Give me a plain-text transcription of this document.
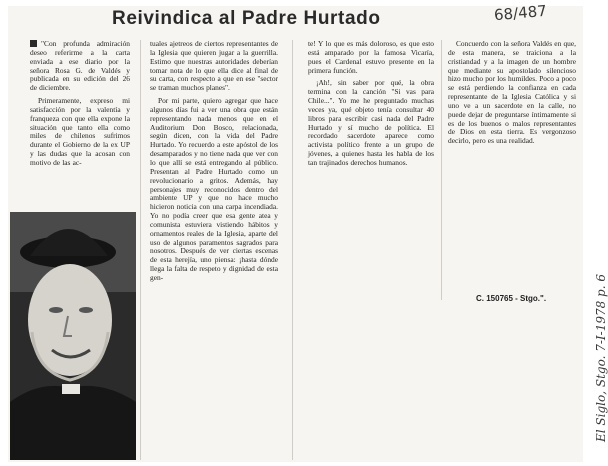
Reivindica al Padre Hurtado	68/487
El Siglo, Stgo. 7-I-1978 p. 6

"Con profunda admiración deseo referirme a la carta enviada a ese diario por la señora Rosa G. de Valdés y publicada en su edición del 26 de diciembre.

Primeramente, expreso mi satisfacción por la valentía y franqueza con que ella expone la situación que tanto ella como miles de chilenos sufrimos durante el Gobierno de la ex UP y las dudas que la acosan con motivo de las ac-

tuales ajetreos de ciertos representantes de la Iglesia que quieren jugar a la guerrilla. Estimo que nuestras autoridades deberían tomar nota de lo que ella dice al final de su carta, con respecto a que en ese "sector se traman muchos planes".

Por mi parte, quiero agregar que hace algunos días fui a ver una obra que están representando nada menos que en el Auditorium Don Bosco, relacionada, según dicen, con la vida del Padre Hurtado. Yo recuerdo a este apóstol de los desamparados y no tiene nada que ver con lo que allí se está entregando al público. Presentan al Padre Hurtado como un revolucionario a gritos. Además, hay personajes muy reconocidos dentro del ambiente UP y que no hace mucho hicieron noticia con una carpa incendiada. Yo no podía creer que esa gente atea y comunista estuviera vistiendo hábitos y ornamentos reales de la Iglesia, aparte del uso de algunos paramentos sagrados para nosotros. Después de ver ciertas escenas de esta herejía, uno piensa: ¡hasta dónde llega la falta de respeto y dignidad de esta gen-

te! Y lo que es más doloroso, es que esto está amparado por la famosa Vicaría, pues el Cardenal estuvo presente en la primera función.

¡Ah!, sin saber por qué, la obra termina con la canción "Si vas para Chile...". Yo me he preguntado muchas veces ya, qué objeto tenía consultar 40 libros para escribir casi nada del Padre Hurtado y sí mucho de política. El recordado sacerdote aparece como activista político frente a un grupo de jóvenes, a quienes hasta les habla de los tan trajinados derechos humanos.

Concuerdo con la señora Valdés en que, de esta manera, se traiciona a la cristiandad y a la imagen de un hombre que mediante su apostolado silencioso hizo mucho por los humildes. Poco a poco se está perdiendo la confianza en cada representante de la Iglesia Católica y si uno ve a un sacerdote en la calle, no puede dejar de preguntarse íntimamente si es de los buenos o malos representantes de Dios en esta tierra. Es vergonzoso decirlo, pero es una realidad.

C. 150765 - Stgo.".
